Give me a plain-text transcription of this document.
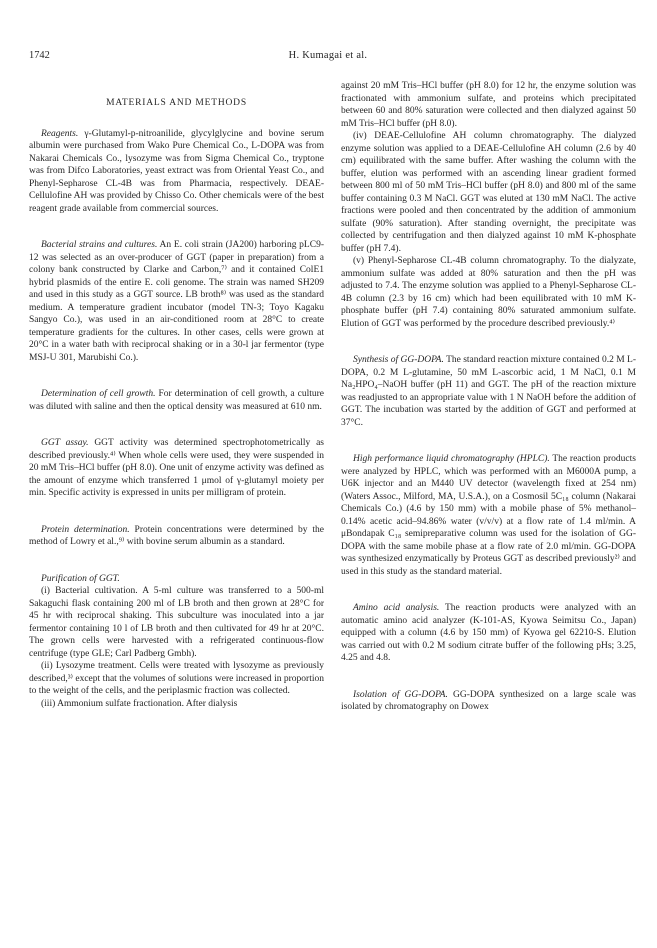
1742	H. Kumagai et al.
MATERIALS AND METHODS

Reagents. γ-Glutamyl-p-nitroanilide, glycylglycine and bovine serum albumin were purchased from Wako Pure Chemical Co., L-DOPA was from Nakarai Chemicals Co., lysozyme was from Sigma Chemical Co., tryptone was from Difco Laboratories, yeast extract was from Oriental Yeast Co., and Phenyl-Sepharose CL-4B was from Pharmacia, respectively. DEAE-Cellulofine AH was provided by Chisso Co. Other chemicals were of the best reagent grade available from commercial sources.

Bacterial strains and cultures. An E. coli strain (JA200) harboring pLC9-12 was selected as an over-producer of GGT (paper in preparation) from a colony bank constructed by Clarke and Carbon,⁷⁾ and it contained ColE1 hybrid plasmids of the entire E. coli genome. The strain was named SH209 and used in this study as a GGT source. LB broth⁸⁾ was used as the standard medium. A temperature gradient incubator (model TN-3; Toyo Kagaku Sangyo Co.), was used in an air-conditioned room at 28°C to create temperature gradients for the cultures. In other cases, cells were grown at 20°C in a water bath with reciprocal shaking or in a 30-l jar fermentor (type MSJ-U 301, Marubishi Co.).

Determination of cell growth. For determination of cell growth, a culture was diluted with saline and then the optical density was measured at 610 nm.

GGT assay. GGT activity was determined spectrophotometrically as described previously.⁴⁾ When whole cells were used, they were suspended in 20 mM Tris–HCl buffer (pH 8.0). One unit of enzyme activity was defined as the amount of enzyme which transferred 1 μmol of γ-glutamyl moiety per min. Specific activity is expressed in units per milligram of protein.

Protein determination. Protein concentrations were determined by the method of Lowry et al.,⁹⁾ with bovine serum albumin as a standard.

Purification of GGT.

(i) Bacterial cultivation. A 5-ml culture was transferred to a 500-ml Sakaguchi flask containing 200 ml of LB broth and then grown at 28°C for 45 hr with reciprocal shaking. This subculture was inoculated into a jar fermentor containing 10 l of LB broth and then cultivated for 49 hr at 20°C. The grown cells were harvested with a refrigerated continuous-flow centrifuge (type GLE; Carl Padberg Gmbh).

(ii) Lysozyme treatment. Cells were treated with lysozyme as previously described,³⁾ except that the volumes of solutions were increased in proportion to the weight of the cells, and the periplasmic fraction was collected.

(iii) Ammonium sulfate fractionation. After dialysis

against 20 mM Tris–HCl buffer (pH 8.0) for 12 hr, the enzyme solution was fractionated with ammonium sulfate, and proteins which precipitated between 60 and 80% saturation were collected and then dialyzed against 50 mM Tris–HCl buffer (pH 8.0).

(iv) DEAE-Cellulofine AH column chromatography. The dialyzed enzyme solution was applied to a DEAE-Cellulofine AH column (2.6 by 40 cm) equilibrated with the same buffer. After washing the column with the buffer, elution was performed with an ascending linear gradient formed between 800 ml of 50 mM Tris–HCl buffer (pH 8.0) and 800 ml of the same buffer containing 0.3 M NaCl. GGT was eluted at 130 mM NaCl. The active fractions were pooled and then concentrated by the addition of ammonium sulfate (90% saturation). After standing overnight, the precipitate was collected by centrifugation and then dialyzed against 10 mM K-phosphate buffer (pH 7.4).

(v) Phenyl-Sepharose CL-4B column chromatography. To the dialyzate, ammonium sulfate was added at 80% saturation and then the pH was adjusted to 7.4. The enzyme solution was applied to a Phenyl-Sepharose CL-4B column (2.3 by 16 cm) which had been equilibrated with 10 mM K-phosphate buffer (pH 7.4) containing 80% saturated ammonium sulfate. Elution of GGT was performed by the procedure described previously.⁴⁾

Synthesis of GG-DOPA. The standard reaction mixture contained 0.2 M L-DOPA, 0.2 M L-glutamine, 50 mM L-ascorbic acid, 1 M NaCl, 0.1 M Na₂HPO₄–NaOH buffer (pH 11) and GGT. The pH of the reaction mixture was readjusted to an appropriate value with 1 N NaOH before the addition of GGT. The incubation was started by the addition of GGT and performed at 37°C.

High performance liquid chromatography (HPLC). The reaction products were analyzed by HPLC, which was performed with an M6000A pump, a U6K injector and an M440 UV detector (wavelength fixed at 254 nm) (Waters Assoc., Milford, MA, U.S.A.), on a Cosmosil 5C₁₈ column (Nakarai Chemicals Co.) (4.6 by 150 mm) with a mobile phase of 5% methanol–0.14% acetic acid–94.86% water (v/v/v) at a flow rate of 1.4 ml/min. A μBondapak C₁₈ semipreparative column was used for the isolation of GG-DOPA with the same mobile phase at a flow rate of 2.0 ml/min. GG-DOPA was synthesized enzymatically by Proteus GGT as described previously²⁾ and used in this study as the standard material.

Amino acid analysis. The reaction products were analyzed with an automatic amino acid analyzer (K-101-AS, Kyowa Seimitsu Co., Japan) equipped with a column (4.6 by 150 mm) of Kyowa gel 62210-S. Elution was carried out with 0.2 M sodium citrate buffer of the following pHs; 3.25, 4.25 and 4.8.

Isolation of GG-DOPA. GG-DOPA synthesized on a large scale was isolated by chromatography on Dowex
